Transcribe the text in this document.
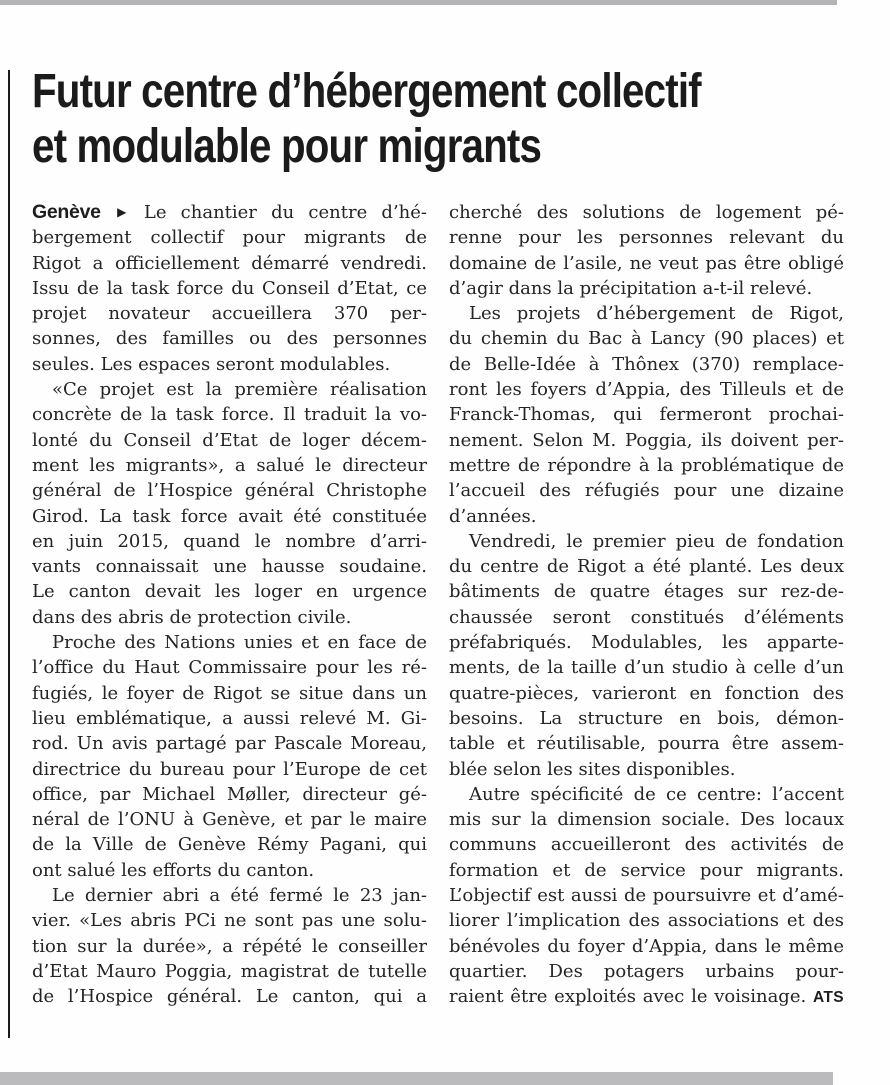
Futur centre d’hébergement collectif
et modulable pour migrants
Genève ▶ Le chantier du centre d’hé-
bergement collectif pour migrants de
Rigot a officiellement démarré vendredi.
Issu de la task force du Conseil d’Etat, ce
projet novateur accueillera 370 per-
sonnes, des familles ou des personnes
seules. Les espaces seront modulables.
«Ce projet est la première réalisation
concrète de la task force. Il traduit la vo-
lonté du Conseil d’Etat de loger décem-
ment les migrants», a salué le directeur
général de l’Hospice général Christophe
Girod. La task force avait été constituée
en juin 2015, quand le nombre d’arri-
vants connaissait une hausse soudaine.
Le canton devait les loger en urgence
dans des abris de protection civile.
Proche des Nations unies et en face de
l’office du Haut Commissaire pour les ré-
fugiés, le foyer de Rigot se situe dans un
lieu emblématique, a aussi relevé M. Gi-
rod. Un avis partagé par Pascale Moreau,
directrice du bureau pour l’Europe de cet
office, par Michael Møller, directeur gé-
néral de l’ONU à Genève, et par le maire
de la Ville de Genève Rémy Pagani, qui
ont salué les efforts du canton.
Le dernier abri a été fermé le 23 jan-
vier. «Les abris PCi ne sont pas une solu-
tion sur la durée», a répété le conseiller
d’Etat Mauro Poggia, magistrat de tutelle
de l’Hospice général. Le canton, qui a
cherché des solutions de logement pé-
renne pour les personnes relevant du
domaine de l’asile, ne veut pas être obligé
d’agir dans la précipitation a-t-il relevé.
Les projets d’hébergement de Rigot,
du chemin du Bac à Lancy (90 places) et
de Belle-Idée à Thônex (370) remplace-
ront les foyers d’Appia, des Tilleuls et de
Franck-Thomas, qui fermeront prochai-
nement. Selon M. Poggia, ils doivent per-
mettre de répondre à la problématique de
l’accueil des réfugiés pour une dizaine
d’années.
Vendredi, le premier pieu de fondation
du centre de Rigot a été planté. Les deux
bâtiments de quatre étages sur rez-de-
chaussée seront constitués d’éléments
préfabriqués. Modulables, les apparte-
ments, de la taille d’un studio à celle d’un
quatre-pièces, varieront en fonction des
besoins. La structure en bois, démon-
table et réutilisable, pourra être assem-
blée selon les sites disponibles.
Autre spécificité de ce centre: l’accent
mis sur la dimension sociale. Des locaux
communs accueilleront des activités de
formation et de service pour migrants.
L’objectif est aussi de poursuivre et d’amé-
liorer l’implication des associations et des
bénévoles du foyer d’Appia, dans le même
quartier. Des potagers urbains pour-
raient être exploités avec le voisinage. ATS
